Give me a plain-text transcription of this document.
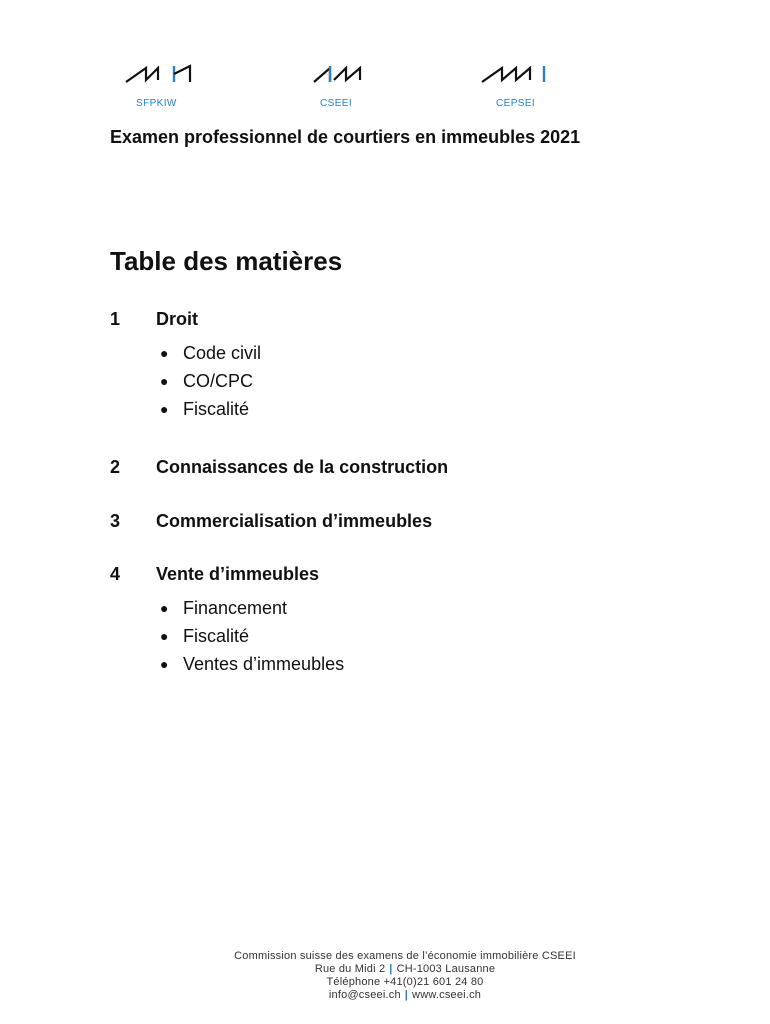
SFPKIW	CSEEI	CEPSEI
Examen professionnel de courtiers en immeubles 2021
Table des matières
1 Droit
● Code civil
● CO/CPC
● Fiscalité
2 Connaissances de la construction
3 Commercialisation d’immeubles
4 Vente d’immeubles
● Financement
● Fiscalité
● Ventes d’immeubles
Commission suisse des examens de l’économie immobilière CSEEI
Rue du Midi 2 | CH-1003 Lausanne
Téléphone +41(0)21 601 24 80
info@cseei.ch | www.cseei.ch
